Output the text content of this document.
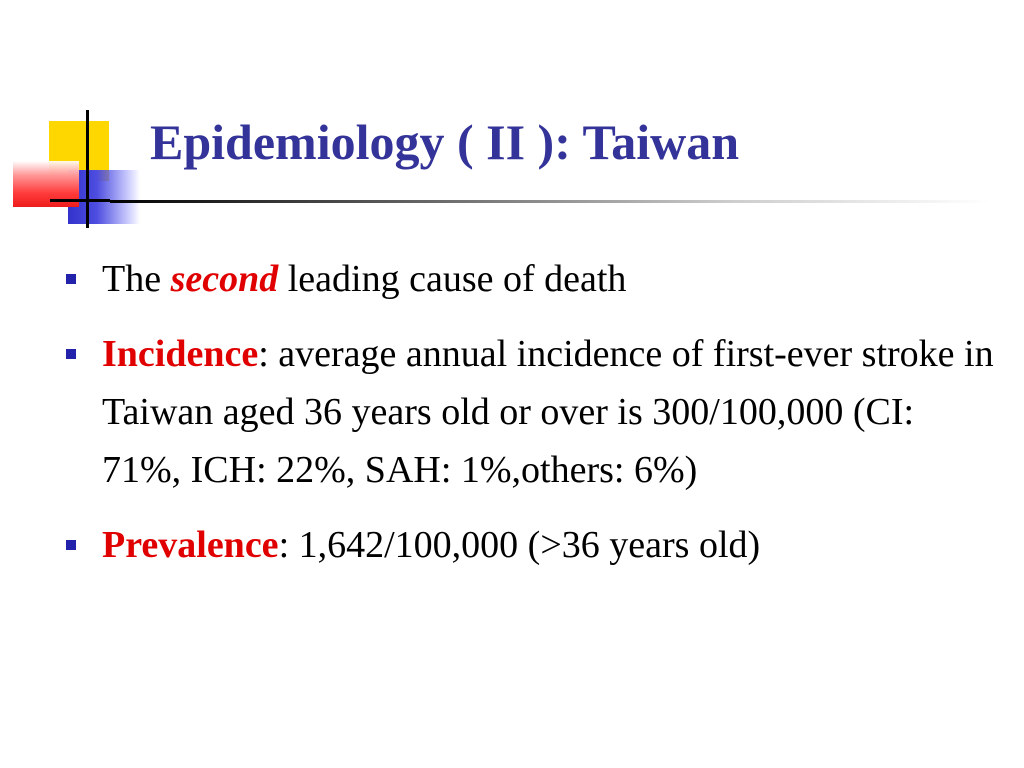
Epidemiology ( II ): Taiwan
The second leading cause of death
Incidence: average annual incidence of first-ever stroke in Taiwan aged 36 years old or over is 300/100,000 (CI: 71%, ICH: 22%, SAH: 1%,others: 6%)
Prevalence: 1,642/100,000 (>36 years old)
